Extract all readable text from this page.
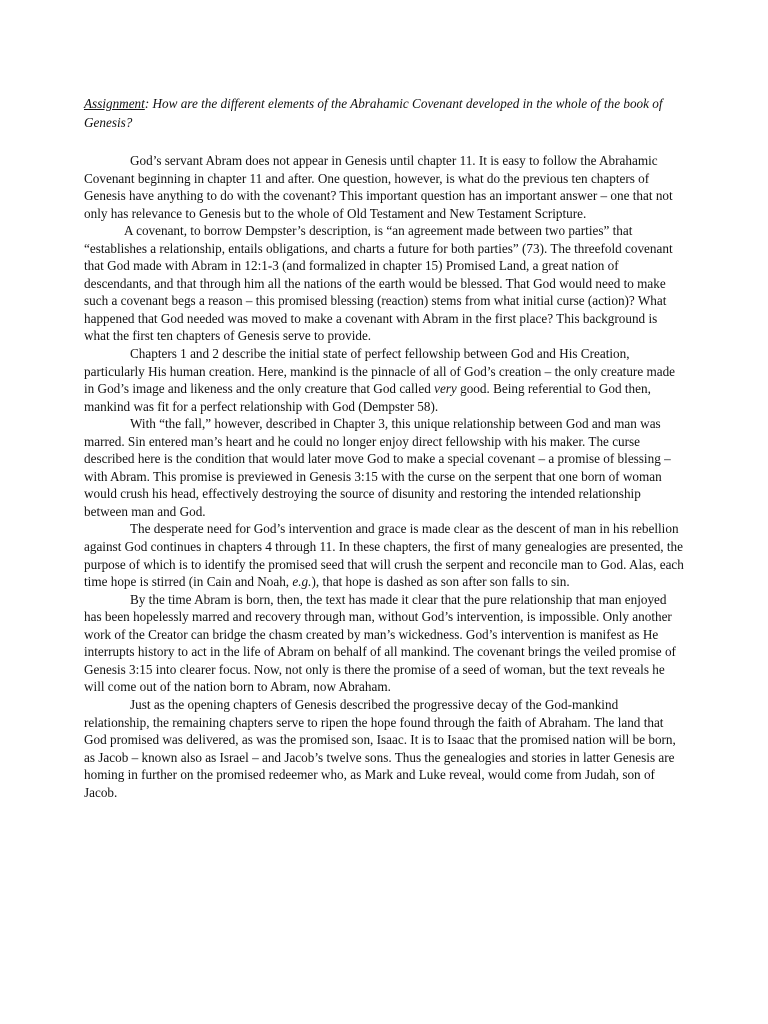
Assignment: How are the different elements of the Abrahamic Covenant developed in the whole of the book of Genesis?

God’s servant Abram does not appear in Genesis until chapter 11. It is easy to follow the Abrahamic Covenant beginning in chapter 11 and after. One question, however, is what do the previous ten chapters of Genesis have anything to do with the covenant? This important question has an important answer – one that not only has relevance to Genesis but to the whole of Old Testament and New Testament Scripture.

A covenant, to borrow Dempster’s description, is “an agreement made between two parties” that “establishes a relationship, entails obligations, and charts a future for both parties” (73). The threefold covenant that God made with Abram in 12:1-3 (and formalized in chapter 15) Promised Land, a great nation of descendants, and that through him all the nations of the earth would be blessed. That God would need to make such a covenant begs a reason – this promised blessing (reaction) stems from what initial curse (action)? What happened that God needed was moved to make a covenant with Abram in the first place? This background is what the first ten chapters of Genesis serve to provide.

Chapters 1 and 2 describe the initial state of perfect fellowship between God and His Creation, particularly His human creation. Here, mankind is the pinnacle of all of God’s creation – the only creature made in God’s image and likeness and the only creature that God called very good. Being referential to God then, mankind was fit for a perfect relationship with God (Dempster 58).

With “the fall,” however, described in Chapter 3, this unique relationship between God and man was marred. Sin entered man’s heart and he could no longer enjoy direct fellowship with his maker. The curse described here is the condition that would later move God to make a special covenant – a promise of blessing – with Abram. This promise is previewed in Genesis 3:15 with the curse on the serpent that one born of woman would crush his head, effectively destroying the source of disunity and restoring the intended relationship between man and God.

The desperate need for God’s intervention and grace is made clear as the descent of man in his rebellion against God continues in chapters 4 through 11. In these chapters, the first of many genealogies are presented, the purpose of which is to identify the promised seed that will crush the serpent and reconcile man to God. Alas, each time hope is stirred (in Cain and Noah, e.g.), that hope is dashed as son after son falls to sin.

By the time Abram is born, then, the text has made it clear that the pure relationship that man enjoyed has been hopelessly marred and recovery through man, without God’s intervention, is impossible. Only another work of the Creator can bridge the chasm created by man’s wickedness. God’s intervention is manifest as He interrupts history to act in the life of Abram on behalf of all mankind. The covenant brings the veiled promise of Genesis 3:15 into clearer focus. Now, not only is there the promise of a seed of woman, but the text reveals he will come out of the nation born to Abram, now Abraham.

Just as the opening chapters of Genesis described the progressive decay of the God-mankind relationship, the remaining chapters serve to ripen the hope found through the faith of Abraham. The land that God promised was delivered, as was the promised son, Isaac. It is to Isaac that the promised nation will be born, as Jacob – known also as Israel – and Jacob’s twelve sons. Thus the genealogies and stories in latter Genesis are homing in further on the promised redeemer who, as Mark and Luke reveal, would come from Judah, son of Jacob.
